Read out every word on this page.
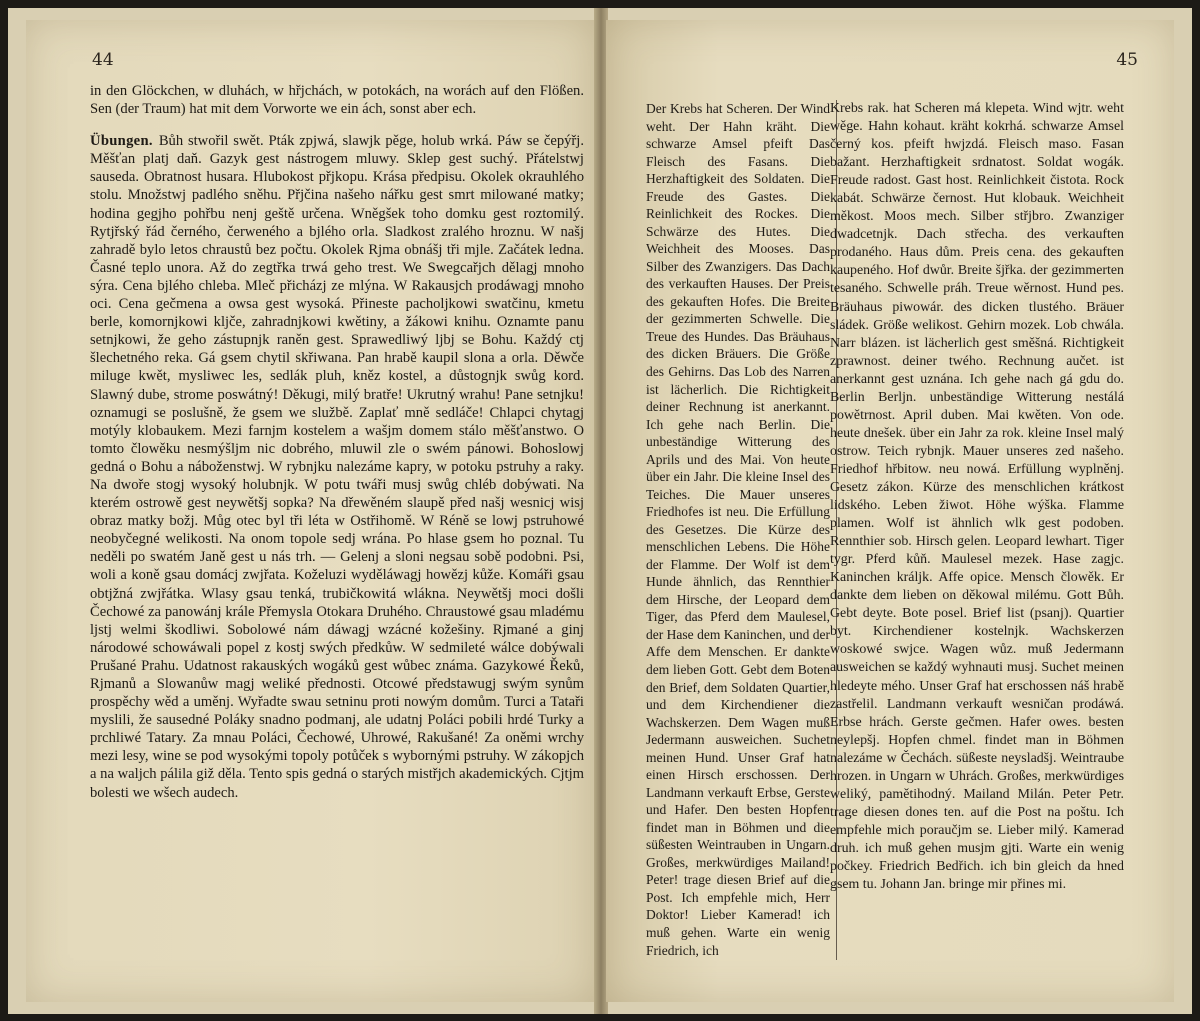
44

in den Glöckchen, w dluhách, w hřjchách, w potokách, na worách auf den Flößen. Sen (der Traum) hat mit dem Vorworte we ein ách, sonst aber ech.

Übungen. Bůh stwořil swět. Pták zpjwá, slawjk pěge, holub wrká. Páw se čepýřj. Měšťan platj daň. Gazyk gest nástrogem mluwy. Sklep gest suchý. Přátelstwj sauseda. Obratnost husara. Hlubokost přjkopu. Krása předpisu. Okolek okrauhlého stolu. Množstwj padlého sněhu. Přjčina našeho nářku gest smrt milowané matky; hodina gegjho pohřbu nenj geště určena. Wněgšek toho domku gest roztomilý. Rytjřský řád černého, čerweného a bjlého orla. Sladkost zralého hroznu. W našj zahradě bylo letos chraustů bez počtu. Okolek Rjma obnášj tři mjle. Začátek ledna. Časné teplo unora. Až do zegtřka trwá geho trest. We Swegcařjch dělagj mnoho sýra. Cena bjlého chleba. Mleč přicházj ze mlýna. W Rakausjch prodáwagj mnoho oci. Cena gečmena a owsa gest wysoká. Přineste pacholjkowi swatčinu, kmetu berle, komornjkowi kljče, zahradnjkowi kwětiny, a žákowi knihu. Oznamte panu setnjkowi, že geho zástupnjk raněn gest. Sprawedliwý ljbj se Bohu. Každý ctj šlechetného reka. Gá gsem chytil skřiwana. Pan hrabě kaupil slona a orla. Děwče miluge kwět, mysliwec les, sedlák pluh, kněz kostel, a důstognjk swůg kord. Slawný dube, strome poswátný! Děkugi, milý bratře! Ukrutný wrahu! Pane setnjku! oznamugi se poslušně, že gsem we službě. Zaplať mně sedláče! Chlapci chytagj motýly klobaukem. Mezi farnjm kostelem a wašjm domem stálo měšťanstwo. O tomto člowěku nesmýšljm nic dobrého, mluwil zle o swém pánowi. Bohoslowj gedná o Bohu a náboženstwj. W rybnjku nalezáme kapry, w potoku pstruhy a raky. Na dwoře stogj wysoký holubnjk. W potu twáři musj swůg chléb dobýwati. Na kterém ostrowě gest neywětšj sopka? Na dřewěném slaupě před našj wesnicj wisj obraz matky božj. Můg otec byl tři léta w Ostřihomě. W Réně se lowj pstruhowé neobyčegné welikosti. Na onom topole sedj wrána. Po hlase gsem ho poznal. Tu neděli po swatém Janě gest u nás trh. — Gelenj a sloni negsau sobě podobni. Psi, woli a koně gsau domácj zwjřata. Koželuzi wyděláwagj howězj kůže. Komáři gsau obtjžná zwjřátka. Wlasy gsau tenká, trubičkowitá wlákna. Neywětšj moci došli Čechowé za panowánj krále Přemysla Otokara Druhého. Chraustowé gsau mladému ljstj welmi škodliwi. Sobolowé nám dáwagj wzácné kožešiny. Rjmané a ginj národowé schowáwali popel z kostj swých předkůw. W sedmileté wálce dobýwali Prušané Prahu. Udatnost rakauských wogáků gest wůbec známa. Gazykowé Řeků, Rjmanů a Slowanůw magj weliké přednosti. Otcowé předstawugj swým synům prospěchy wěd a uměnj. Wyřadte swau setninu proti nowým domům. Turci a Tataři myslili, že sausedné Poláky snadno podmanj, ale udatnj Poláci pobili hrdé Turky a prchliwé Tatary. Za mnau Poláci, Čechowé, Uhrowé, Rakušané! Za oněmi wrchy mezi lesy, wine se pod wysokými topoly potůček s wybornými pstruhy. W zákopjch a na waljch pálila giž děla. Tento spis gedná o starých mistřjch akademických. Cjtjm bolesti we wšech audech.

45
Der Krebs hat Scheren. Der Wind weht. Der Hahn kräht. Die schwarze Amsel pfeift Das Fleisch des Fasans. Die Herzhaftigkeit des Soldaten. Die Freude des Gastes. Die Reinlichkeit des Rockes. Die Schwärze des Hutes. Die Weichheit des Mooses. Das Silber des Zwanzigers. Das Dach des verkauften Hauses. Der Preis des gekauften Hofes. Die Breite der gezimmerten Schwelle. Die Treue des Hundes. Das Bräuhaus des dicken Bräuers. Die Größe des Gehirns. Das Lob des Narren ist lächerlich. Die Richtigkeit deiner Rechnung ist anerkannt. Ich gehe nach Berlin. Die unbeständige Witterung des Aprils und des Mai. Von heute über ein Jahr. Die kleine Insel des Teiches. Die Mauer unseres Friedhofes ist neu. Die Erfüllung des Gesetzes. Die Kürze des menschlichen Lebens. Die Höhe der Flamme. Der Wolf ist dem Hunde ähnlich, das Rennthier dem Hirsche, der Leopard dem Tiger, das Pferd dem Maulesel, der Hase dem Kaninchen, und der Affe dem Menschen. Er dankte dem lieben Gott. Gebt dem Boten den Brief, dem Soldaten Quartier, und dem Kirchendiener die Wachskerzen. Dem Wagen muß Jedermann ausweichen. Suchet meinen Hund. Unser Graf hat einen Hirsch erschossen. Der Landmann verkauft Erbse, Gerste und Hafer. Den besten Hopfen findet man in Böhmen und die süßesten Weintrauben in Ungarn. Großes, merkwürdiges Mailand! Peter! trage diesen Brief auf die Post. Ich empfehle mich, Herr Doktor! Lieber Kamerad! ich muß gehen. Warte ein wenig Friedrich, ich
Krebs rak. hat Scheren má klepeta. Wind wjtr. weht wěge. Hahn kohaut. kräht kokrhá. schwarze Amsel černý kos. pfeift hwjzdá. Fleisch maso. Fasan bažant. Herzhaftigkeit srdnatost. Soldat wogák. Freude radost. Gast host. Reinlichkeit čistota. Rock kabát. Schwärze černost. Hut klobauk. Weichheit měkost. Moos mech. Silber střjbro. Zwanziger dwadcetnjk. Dach střecha. des verkauften prodaného. Haus dům. Preis cena. des gekauften kaupeného. Hof dwůr. Breite šjřka. der gezimmerten tesaného. Schwelle práh. Treue wěrnost. Hund pes. Bräuhaus piwowár. des dicken tlustého. Bräuer sládek. Größe welikost. Gehirn mozek. Lob chwála. Narr blázen. ist lächerlich gest směšná. Richtigkeit zprawnost. deiner twého. Rechnung aučet. ist anerkannt gest uznána. Ich gehe nach gá gdu do. Berlin Berljn. unbeständige Witterung nestálá powětrnost. April duben. Mai kwěten. Von ode. heute dnešek. über ein Jahr za rok. kleine Insel malý ostrow. Teich rybnjk. Mauer unseres zed našeho. Friedhof hřbitow. neu nowá. Erfüllung wyplněnj. Gesetz zákon. Kürze des menschlichen krátkost lidského. Leben žiwot. Höhe wýška. Flamme plamen. Wolf ist ähnlich wlk gest podoben. Rennthier sob. Hirsch gelen. Leopard lewhart. Tiger tygr. Pferd kůň. Maulesel mezek. Hase zagjc. Kaninchen králjk. Affe opice. Mensch člowěk. Er dankte dem lieben on děkowal milému. Gott Bůh. Gebt deyte. Bote posel. Brief list (psanj). Quartier byt. Kirchendiener kostelnjk. Wachskerzen woskowé swjce. Wagen wůz. muß Jedermann ausweichen se každý wyhnauti musj. Suchet meinen hledeyte mého. Unser Graf hat erschossen náš hrabě zastřelil. Landmann verkauft wesničan prodáwá. Erbse hrách. Gerste gečmen. Hafer owes. besten neylepšj. Hopfen chmel. findet man in Böhmen nalezáme w Čechách. süßeste neysladšj. Weintraube hrozen. in Ungarn w Uhrách. Großes, merkwürdiges weliký, pamětihodný. Mailand Milán. Peter Petr. trage diesen dones ten. auf die Post na poštu. Ich empfehle mich poraučjm se. Lieber milý. Kamerad druh. ich muß gehen musjm gjti. Warte ein wenig počkey. Friedrich Bedřich. ich bin gleich da hned gsem tu. Johann Jan. bringe mir přines mi.
